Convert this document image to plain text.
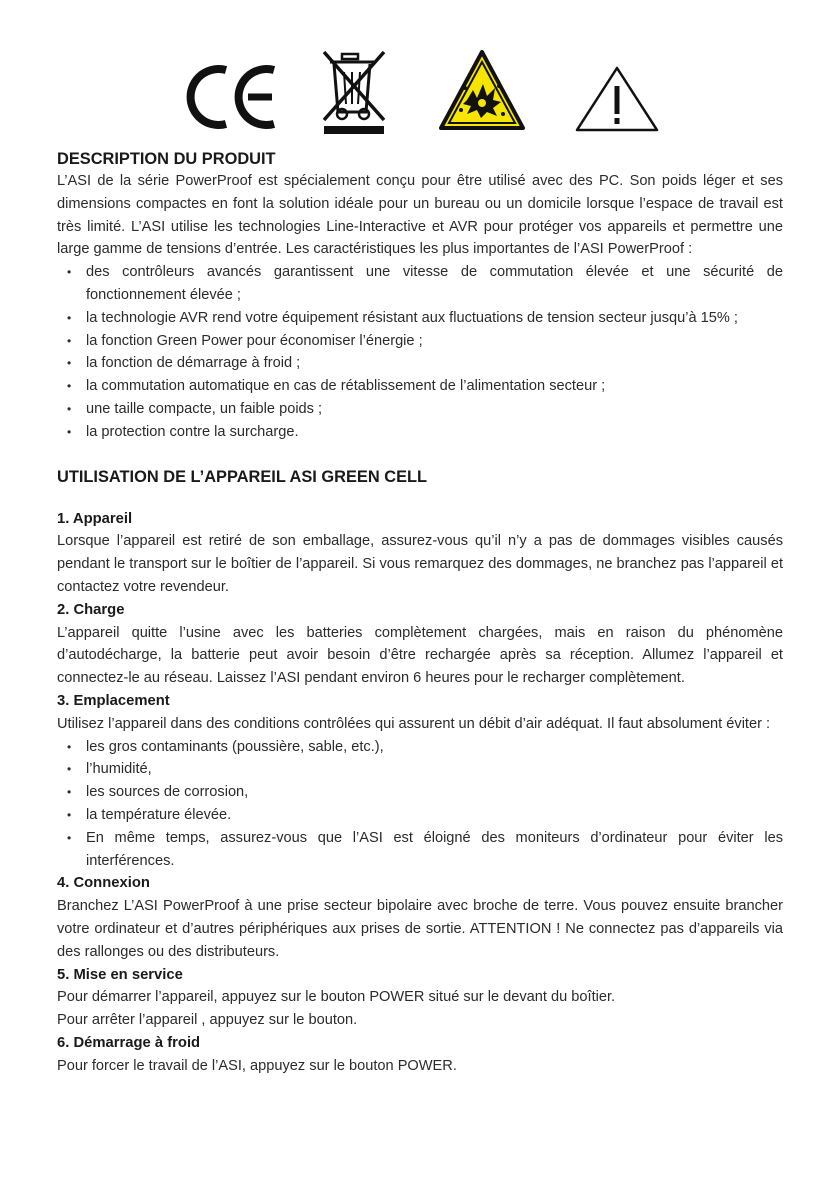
DESCRIPTION DU PRODUIT

L’ASI de la série PowerProof est spécialement conçu pour être utilisé avec des PC. Son poids léger et ses dimensions compactes en font la solution idéale pour un bureau ou un domicile lorsque l’espace de travail est très limité. L’ASI utilise les technologies Line-Interactive et AVR pour protéger vos appareils et permettre une large gamme de tensions d’entrée. Les caractéristiques les plus importantes de l’ASI PowerProof :

• des contrôleurs avancés garantissent une vitesse de commutation élevée et une sécurité de fonctionnement élevée ;
• la technologie AVR rend votre équipement résistant aux fluctuations de tension secteur jusqu’à 15% ;
• la fonction Green Power pour économiser l’énergie ;
• la fonction de démarrage à froid ;
• la commutation automatique en cas de rétablissement de l’alimentation secteur ;
• une taille compacte, un faible poids ;
• la protection contre la surcharge.
UTILISATION DE L’APPAREIL ASI GREEN CELL
1. Appareil

Lorsque l’appareil est retiré de son emballage, assurez-vous qu’il n’y a pas de dommages visibles causés pendant le transport sur le boîtier de l’appareil. Si vous remarquez des dommages, ne branchez pas l’appareil et contactez votre revendeur.

2. Charge

L’appareil quitte l’usine avec les batteries complètement chargées, mais en raison du phénomène d’autodécharge, la batterie peut avoir besoin d’être rechargée après sa réception. Allumez l’appareil et connectez-le au réseau. Laissez l’ASI pendant environ 6 heures pour le recharger complètement.

3. Emplacement

Utilisez l’appareil dans des conditions contrôlées qui assurent un débit d’air adéquat. Il faut absolument éviter :

• les gros contaminants (poussière, sable, etc.),
• l’humidité,
• les sources de corrosion,
• la température élevée.
• En même temps, assurez-vous que l’ASI est éloigné des moniteurs d’ordinateur pour éviter les interférences.
4. Connexion

Branchez L’ASI PowerProof à une prise secteur bipolaire avec broche de terre. Vous pouvez ensuite brancher votre ordinateur et d’autres périphériques aux prises de sortie. ATTENTION ! Ne connectez pas d’appareils via des rallonges ou des distributeurs.

5. Mise en service

Pour démarrer l’appareil, appuyez sur le bouton POWER situé sur le devant du boîtier.

Pour arrêter l’appareil , appuyez sur le bouton.

6. Démarrage à froid

Pour forcer le travail de l’ASI, appuyez sur le bouton POWER.
